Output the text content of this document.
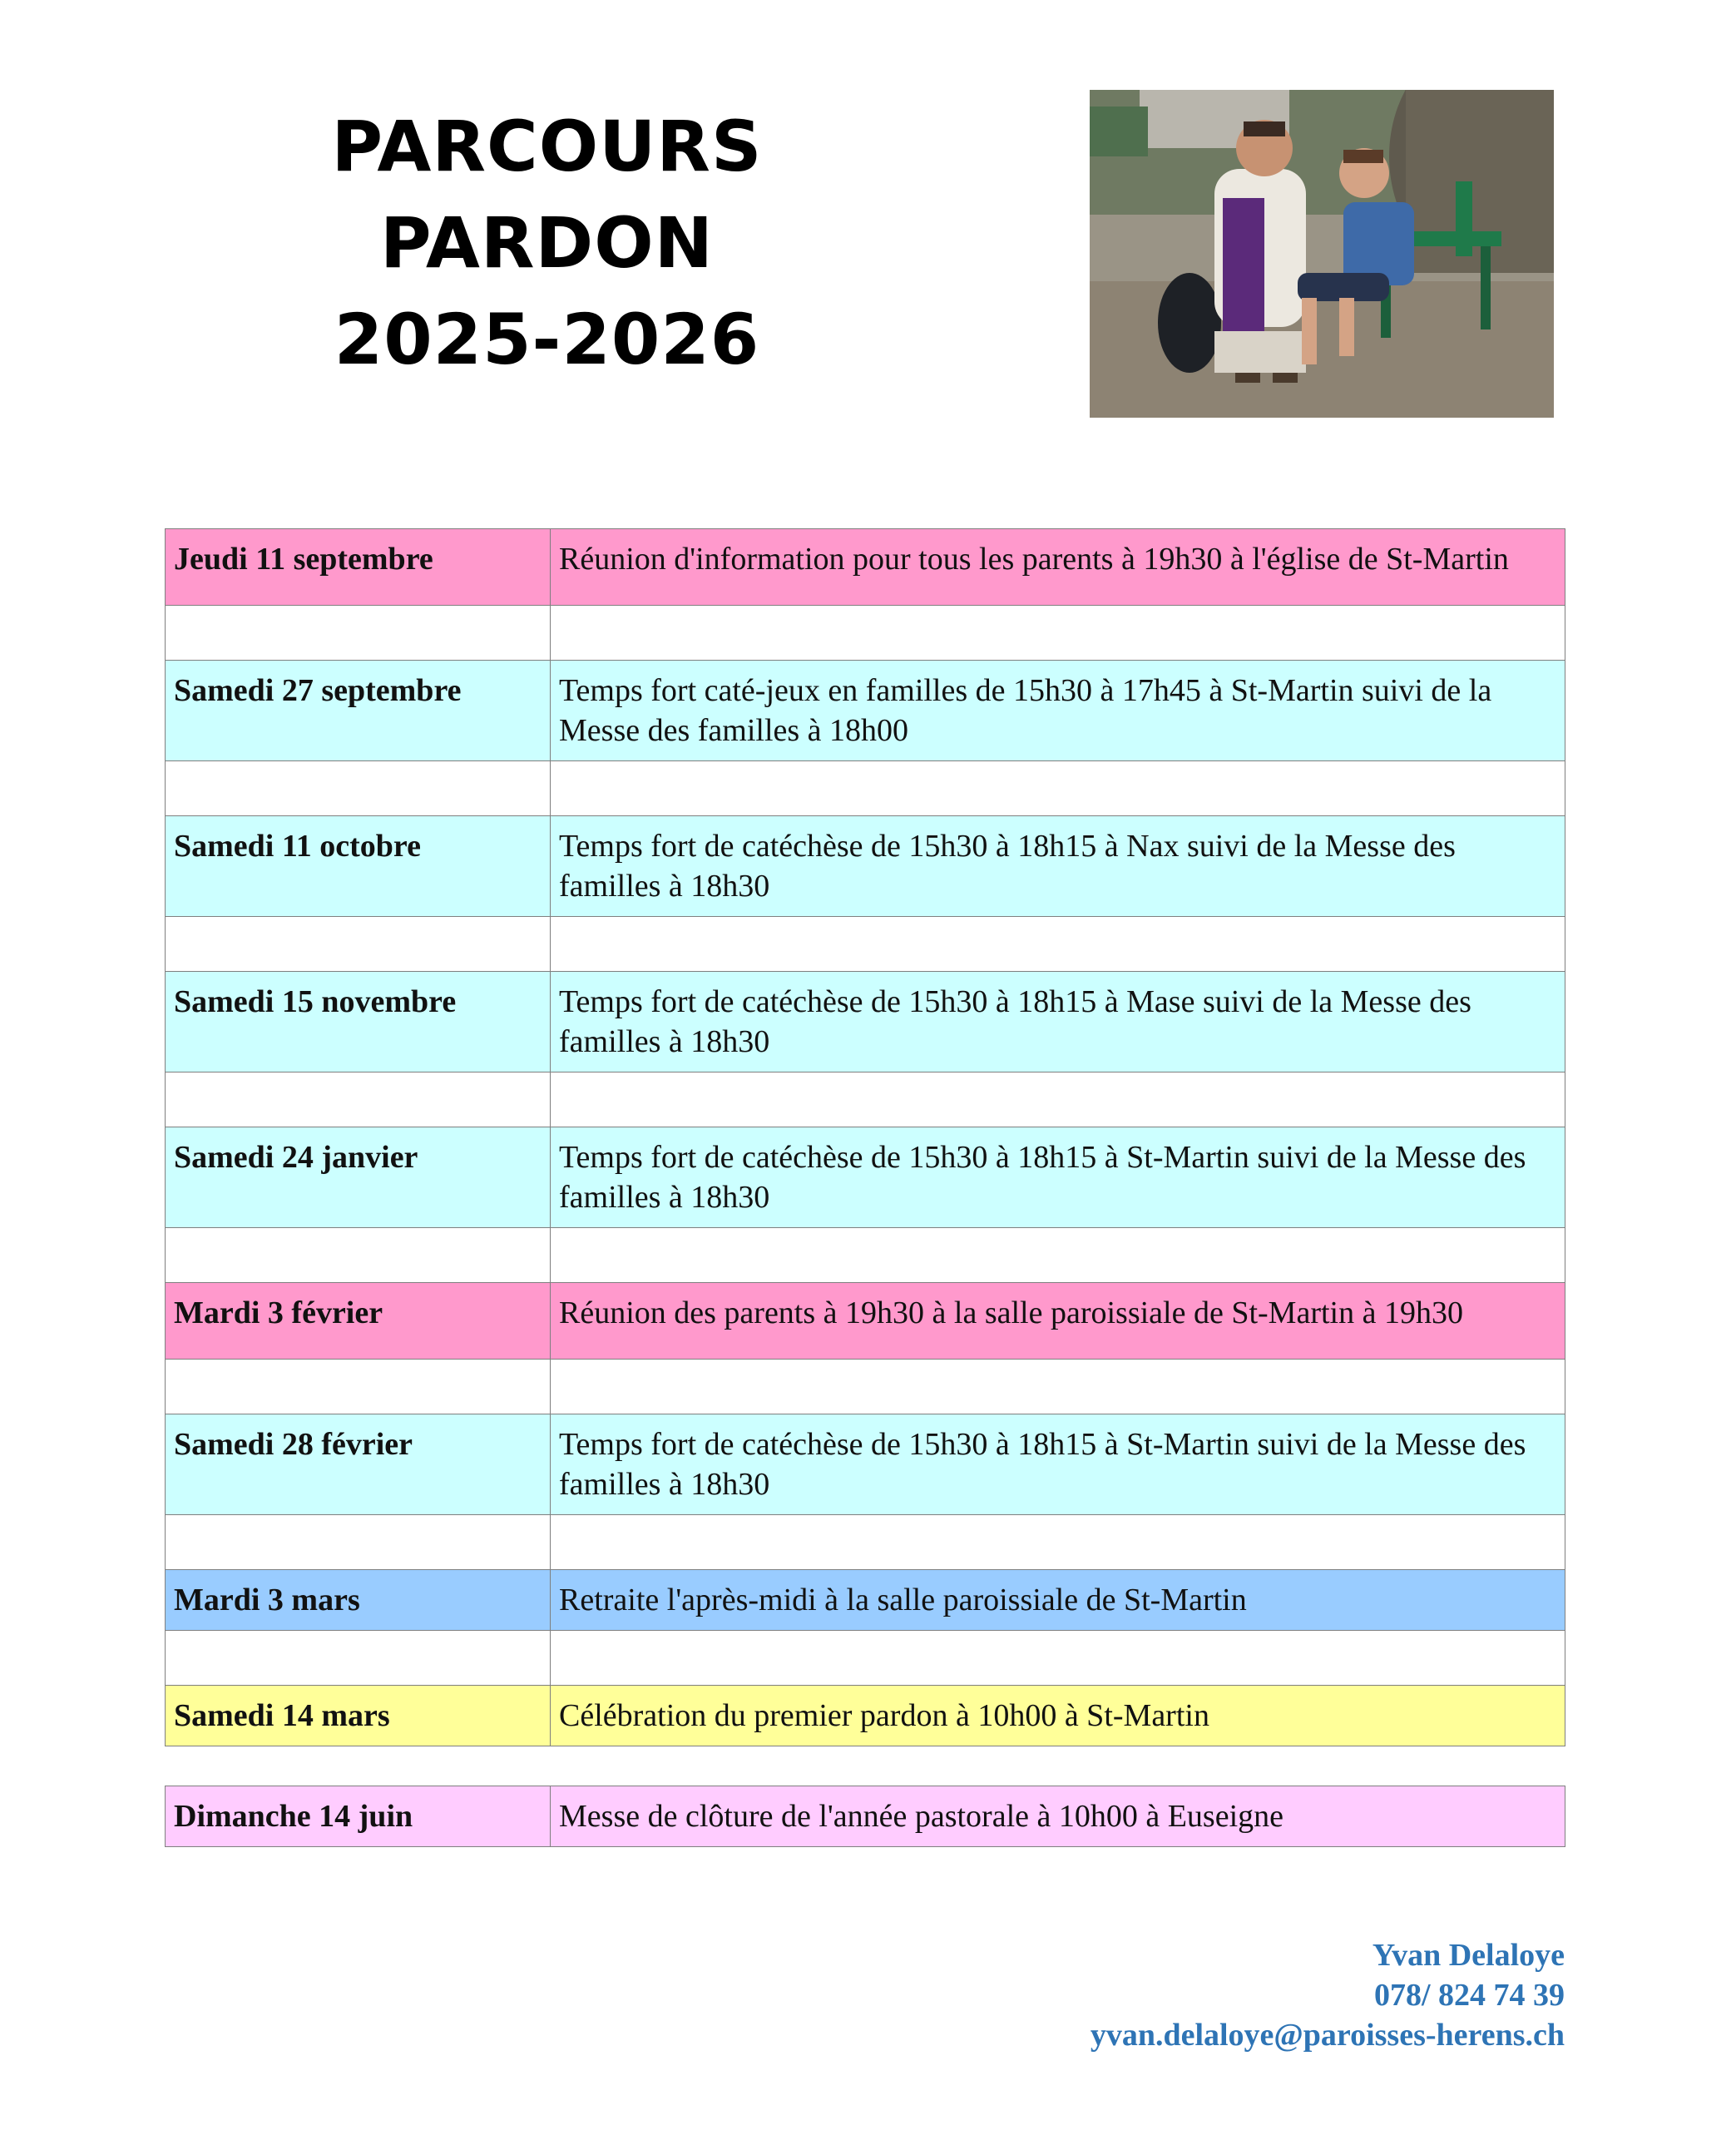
PARCOURS PARDON
2025-2026
Jeudi 11 septembre	Réunion d'information pour tous les parents à 19h30 à l'église de St-Martin

Samedi 27 septembre	Temps fort caté-jeux en familles de 15h30 à 17h45 à St-Martin suivi de la Messe des familles à 18h00

Samedi 11 octobre	Temps fort de catéchèse de 15h30 à 18h15 à Nax suivi de la Messe des familles à 18h30

Samedi 15 novembre	Temps fort de catéchèse de 15h30 à 18h15 à Mase suivi de la Messe des familles à 18h30

Samedi 24 janvier	Temps fort de catéchèse de 15h30 à 18h15 à St-Martin suivi de la Messe des familles à 18h30

Mardi 3 février	Réunion des parents à 19h30 à la salle paroissiale de St-Martin à 19h30

Samedi 28 février	Temps fort de catéchèse de 15h30 à 18h15 à St-Martin suivi de la Messe des familles à 18h30

Mardi 3 mars	Retraite l'après-midi à la salle paroissiale de St-Martin

Samedi 14 mars	Célébration du premier pardon à 10h00 à St-Martin

Dimanche 14 juin	Messe de clôture de l'année pastorale à 10h00 à Euseigne
Yvan Delaloye
078/ 824 74 39
yvan.delaloye@paroisses-herens.ch
